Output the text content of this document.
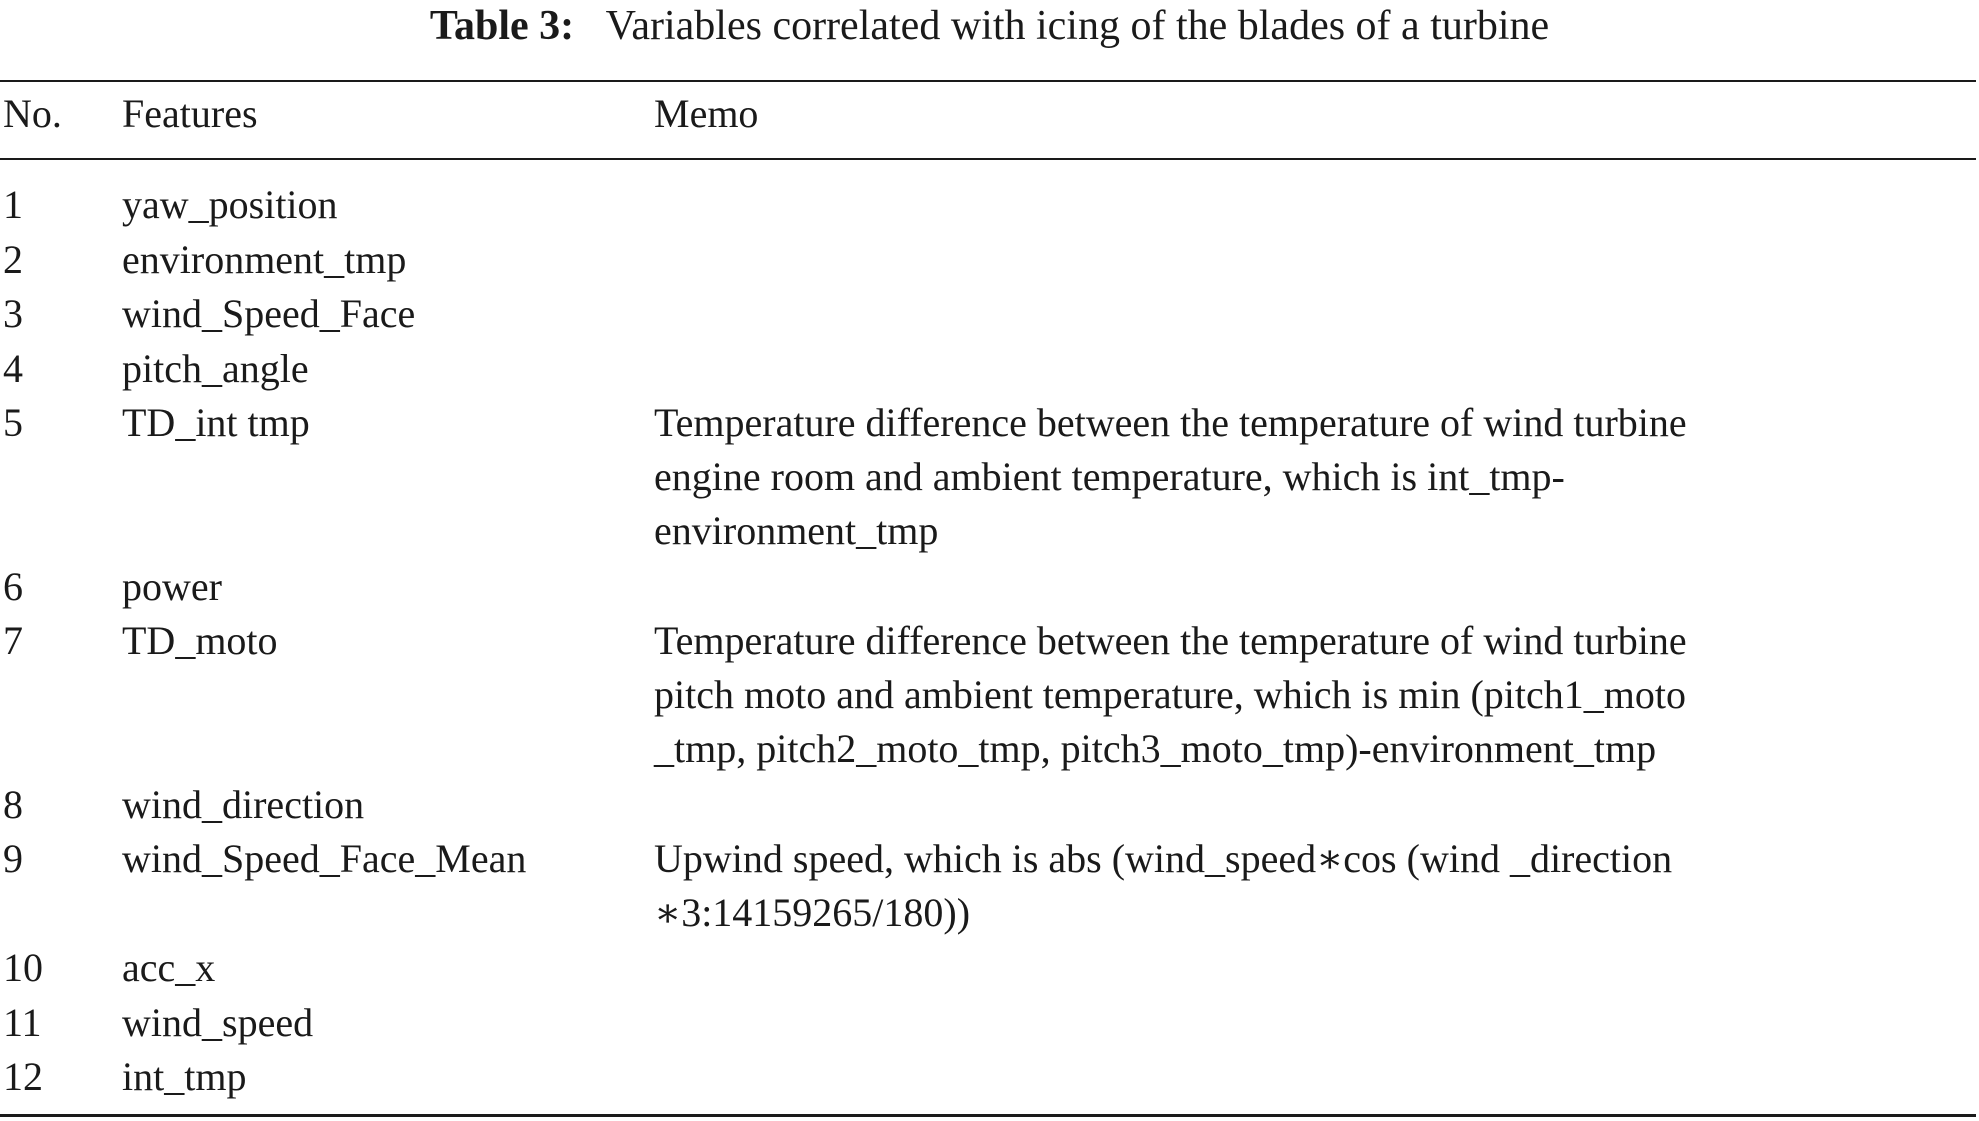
Table 3: Variables correlated with icing of the blades of a turbine
No. Features	Memo
1 yaw_position
2 environment_tmp
3 wind_Speed_Face
4 pitch_angle
5 TD_int tmp	Temperature difference between the temperature of wind turbine
engine room and ambient temperature, which is int_tmp-
environment_tmp
6 power
7 TD_moto	Temperature difference between the temperature of wind turbine
pitch moto and ambient temperature, which is min (pitch1_moto
_tmp, pitch2_moto_tmp, pitch3_moto_tmp)-environment_tmp
8 wind_direction
9 wind_Speed_Face_Mean	Upwind speed, which is abs (wind_speed∗cos (wind _direction
∗3:14159265/180))
10 acc_x
11 wind_speed
12 int_tmp
